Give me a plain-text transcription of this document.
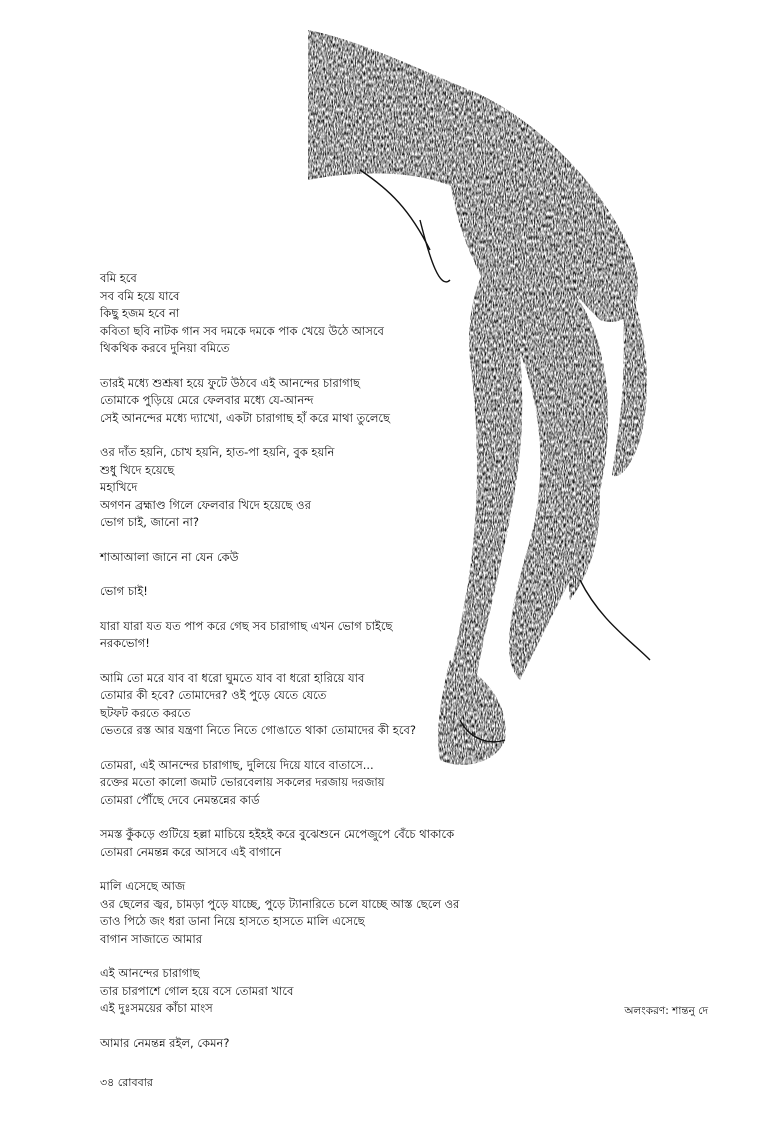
বমি হবে
সব বমি হয়ে যাবে
কিছু হজম হবে না
কবিতা ছবি নাটক গান সব দমকে দমকে পাক খেয়ে উঠে আসবে
থিকথিক করবে দুনিয়া বমিতে
তারই মধ্যে শুশ্রূষা হয়ে ফুটে উঠবে এই আনন্দের চারাগাছ
তোমাকে পুড়িয়ে মেরে ফেলবার মধ্যে যে-আনন্দ
সেই আনন্দের মধ্যে দ্যাখো, একটা চারাগাছ হাঁ করে মাথা তুলেছে
ওর দাঁত হয়নি, চোখ হয়নি, হাত-পা হয়নি, বুক হয়নি
শুধু খিদে হয়েছে
মহাখিদে
অগণন ব্রহ্মাণ্ড গিলে ফেলবার খিদে হয়েছে ওর
ভোগ চাই, জানো না?
শাআআলা জানে না যেন কেউ
ভোগ চাই!
যারা যারা যত যত পাপ করে গেছ সব চারাগাছ এখন ভোগ চাইছে
নরকভোগ!
আমি তো মরে যাব বা ধরো ঘুমতে যাব বা ধরো হারিয়ে যাব
তোমার কী হবে? তোমাদের? ওই পুড়ে যেতে যেতে
ছটফট করতে করতে
ভেতরে রস্ত আর যন্ত্রণা নিতে নিতে গোঙাতে থাকা তোমাদের কী হবে?
তোমরা, এই আনন্দের চারাগাছ, দুলিয়ে দিয়ে যাবে বাতাসে...
রক্তের মতো কালো জমাট ভোরবেলায় সকলের দরজায় দরজায়
তোমরা পৌঁছে দেবে নেমন্তন্নের কার্ড
সমস্ত কুঁকড়ে গুটিয়ে হল্লা মাচিয়ে হইহই করে বুঝেশুনে মেপেজুপে বেঁচে থাকাকে
তোমরা নেমন্তন্ন করে আসবে এই বাগানে
মালি এসেছে আজ
ওর ছেলের জ্বর, চামড়া পুড়ে যাচ্ছে, পুড়ে ট্যানারিতে চলে যাচ্ছে আস্ত ছেলে ওর
তাও পিঠে জং ধরা ডানা নিয়ে হাসতে হাসতে মালি এসেছে
বাগান সাজাতে আমার
এই আনন্দের চারাগাছ
তার চারপাশে গোল হয়ে বসে তোমরা খাবে
এই দুঃসময়ের কাঁচা মাংস
আমার নেমন্তন্ন রইল, কেমন?
অলংকরণ: শান্তনু দে
৩৪ রোববার
